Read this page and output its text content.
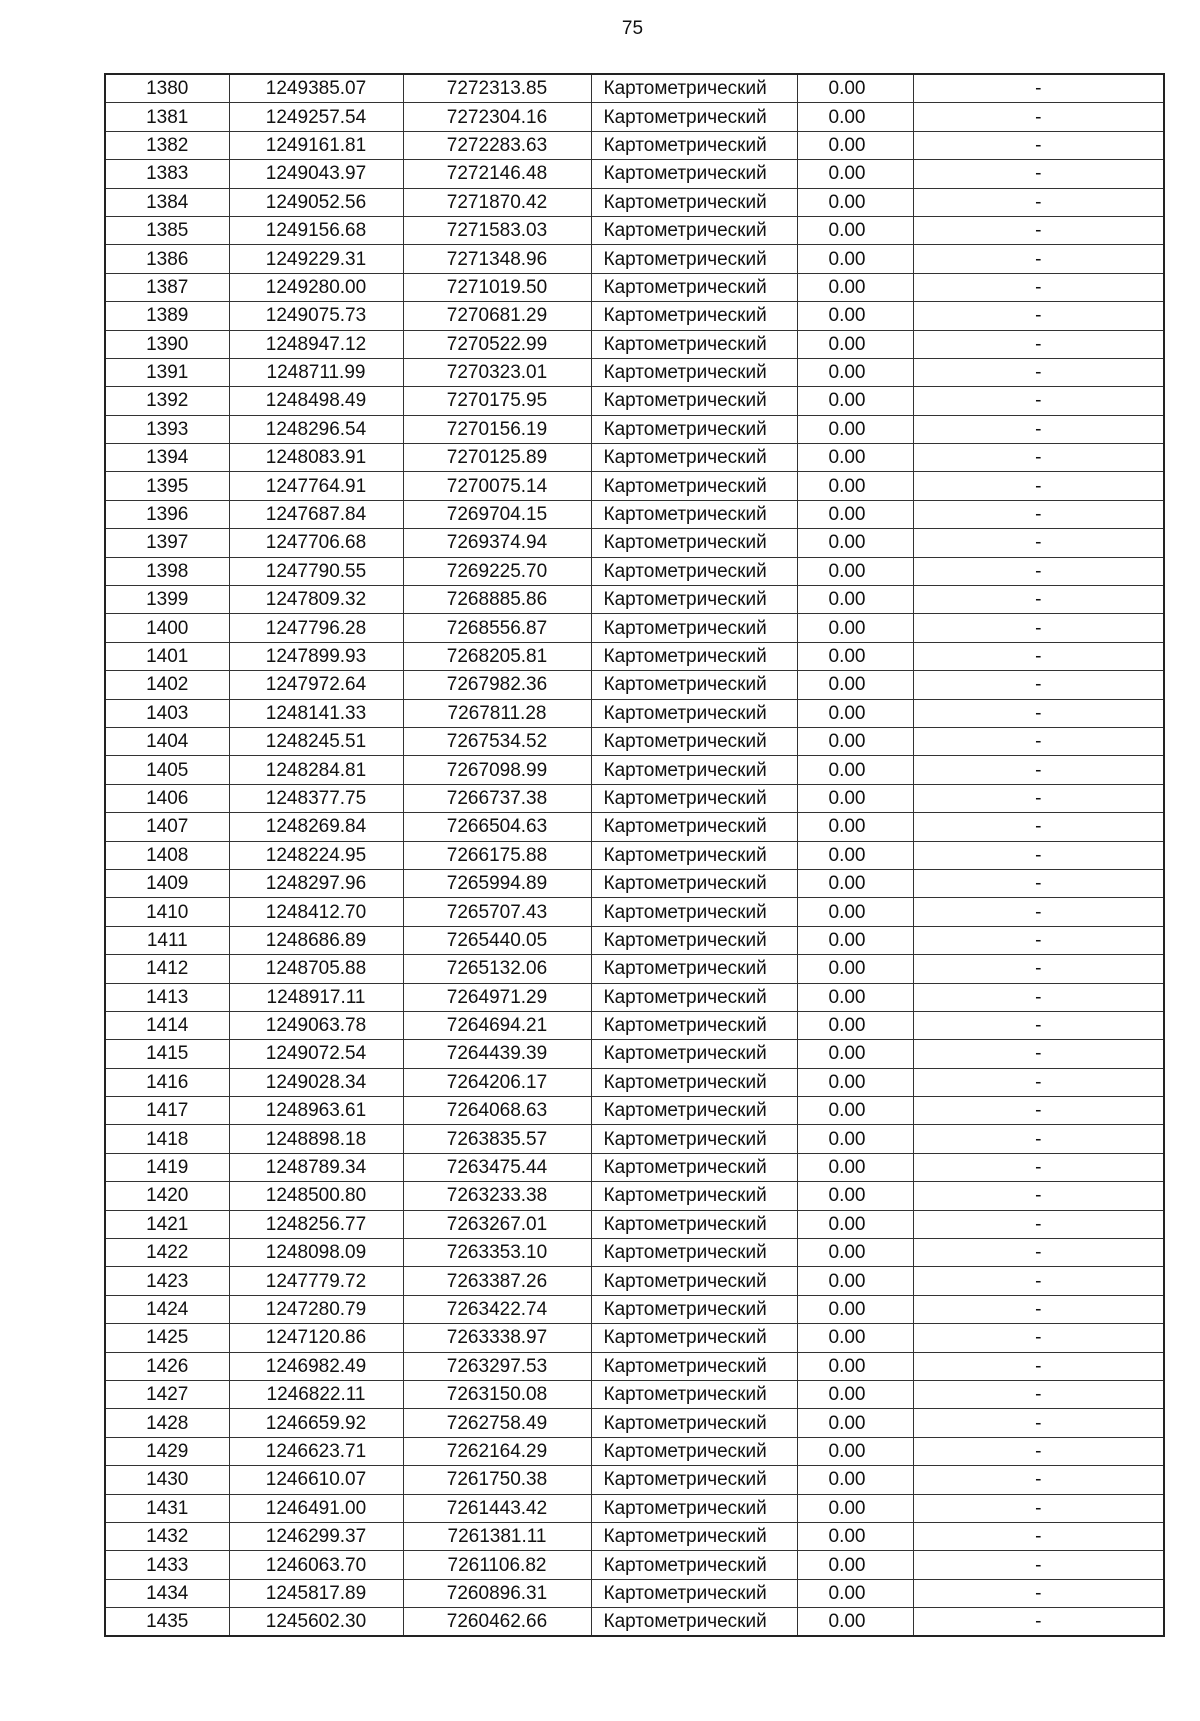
75
1380	1249385.07	7272313.85	Картометрический	0.00	-
1381	1249257.54	7272304.16	Картометрический	0.00	-
1382	1249161.81	7272283.63	Картометрический	0.00	-
1383	1249043.97	7272146.48	Картометрический	0.00	-
1384	1249052.56	7271870.42	Картометрический	0.00	-
1385	1249156.68	7271583.03	Картометрический	0.00	-
1386	1249229.31	7271348.96	Картометрический	0.00	-
1387	1249280.00	7271019.50	Картометрический	0.00	-
1389	1249075.73	7270681.29	Картометрический	0.00	-
1390	1248947.12	7270522.99	Картометрический	0.00	-
1391	1248711.99	7270323.01	Картометрический	0.00	-
1392	1248498.49	7270175.95	Картометрический	0.00	-
1393	1248296.54	7270156.19	Картометрический	0.00	-
1394	1248083.91	7270125.89	Картометрический	0.00	-
1395	1247764.91	7270075.14	Картометрический	0.00	-
1396	1247687.84	7269704.15	Картометрический	0.00	-
1397	1247706.68	7269374.94	Картометрический	0.00	-
1398	1247790.55	7269225.70	Картометрический	0.00	-
1399	1247809.32	7268885.86	Картометрический	0.00	-
1400	1247796.28	7268556.87	Картометрический	0.00	-
1401	1247899.93	7268205.81	Картометрический	0.00	-
1402	1247972.64	7267982.36	Картометрический	0.00	-
1403	1248141.33	7267811.28	Картометрический	0.00	-
1404	1248245.51	7267534.52	Картометрический	0.00	-
1405	1248284.81	7267098.99	Картометрический	0.00	-
1406	1248377.75	7266737.38	Картометрический	0.00	-
1407	1248269.84	7266504.63	Картометрический	0.00	-
1408	1248224.95	7266175.88	Картометрический	0.00	-
1409	1248297.96	7265994.89	Картометрический	0.00	-
1410	1248412.70	7265707.43	Картометрический	0.00	-
1411	1248686.89	7265440.05	Картометрический	0.00	-
1412	1248705.88	7265132.06	Картометрический	0.00	-
1413	1248917.11	7264971.29	Картометрический	0.00	-
1414	1249063.78	7264694.21	Картометрический	0.00	-
1415	1249072.54	7264439.39	Картометрический	0.00	-
1416	1249028.34	7264206.17	Картометрический	0.00	-
1417	1248963.61	7264068.63	Картометрический	0.00	-
1418	1248898.18	7263835.57	Картометрический	0.00	-
1419	1248789.34	7263475.44	Картометрический	0.00	-
1420	1248500.80	7263233.38	Картометрический	0.00	-
1421	1248256.77	7263267.01	Картометрический	0.00	-
1422	1248098.09	7263353.10	Картометрический	0.00	-
1423	1247779.72	7263387.26	Картометрический	0.00	-
1424	1247280.79	7263422.74	Картометрический	0.00	-
1425	1247120.86	7263338.97	Картометрический	0.00	-
1426	1246982.49	7263297.53	Картометрический	0.00	-
1427	1246822.11	7263150.08	Картометрический	0.00	-
1428	1246659.92	7262758.49	Картометрический	0.00	-
1429	1246623.71	7262164.29	Картометрический	0.00	-
1430	1246610.07	7261750.38	Картометрический	0.00	-
1431	1246491.00	7261443.42	Картометрический	0.00	-
1432	1246299.37	7261381.11	Картометрический	0.00	-
1433	1246063.70	7261106.82	Картометрический	0.00	-
1434	1245817.89	7260896.31	Картометрический	0.00	-
1435	1245602.30	7260462.66	Картометрический	0.00	-
